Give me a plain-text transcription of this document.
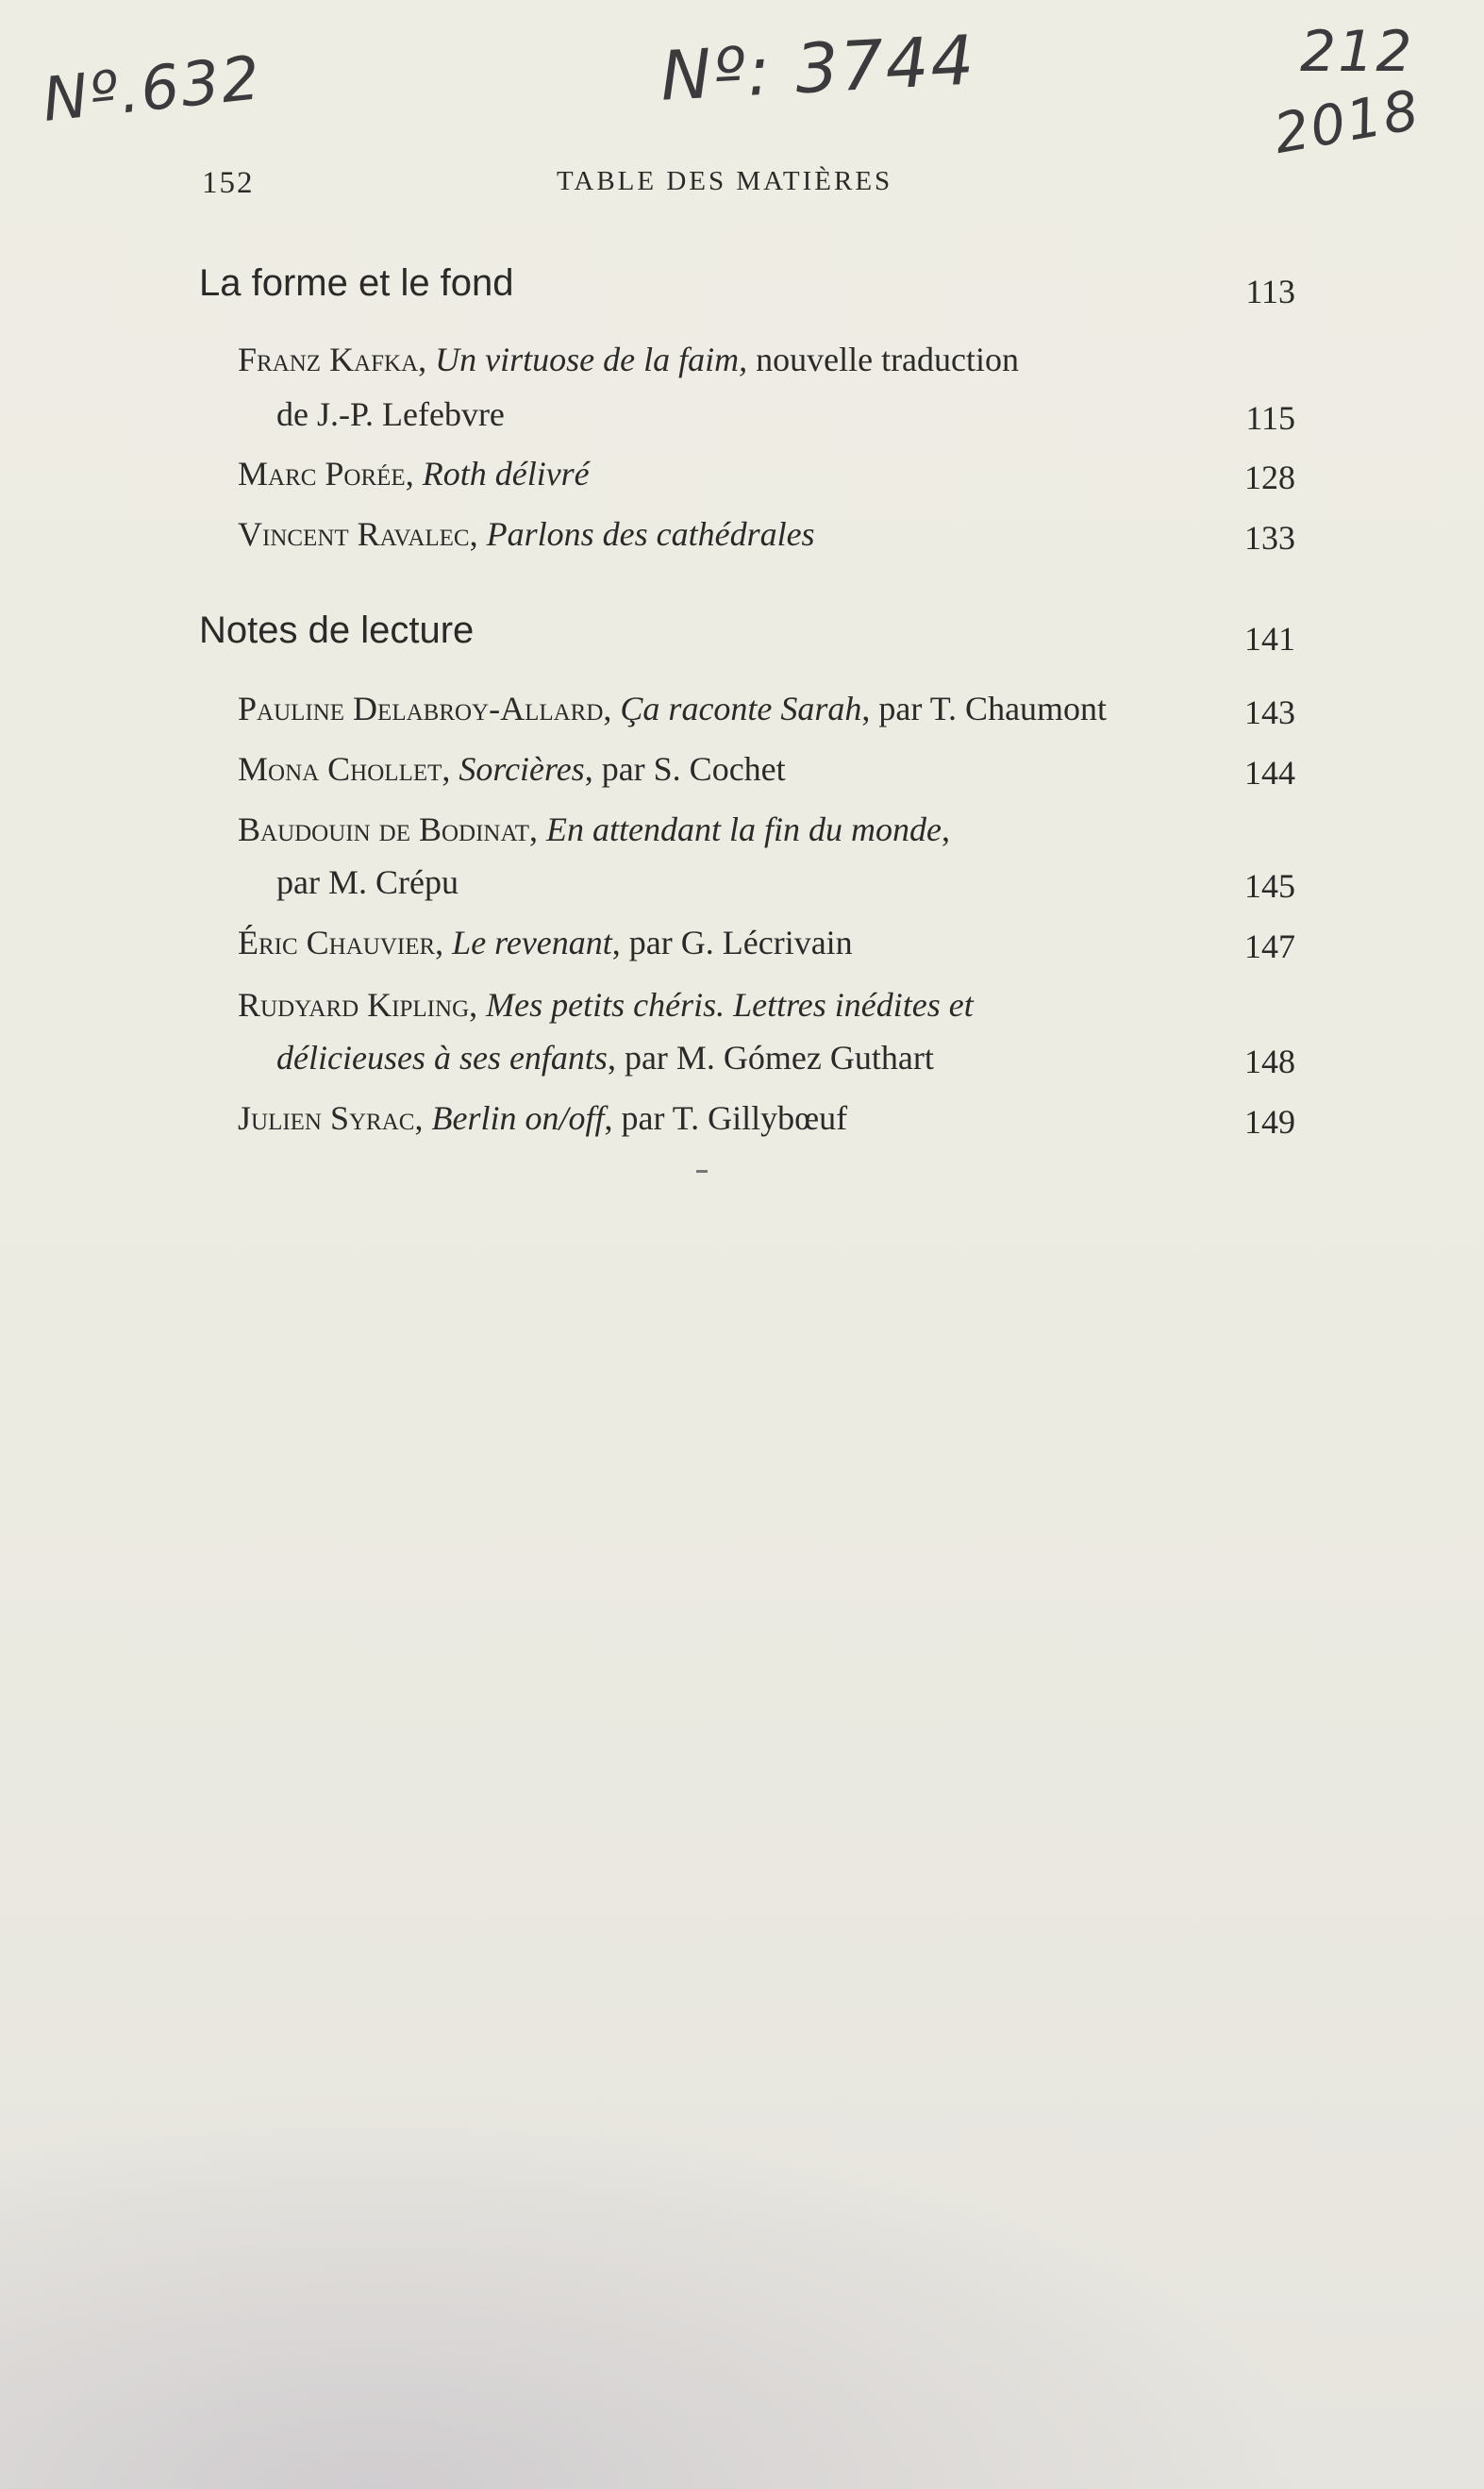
Nº.632	Nº: 3744	212
2018
152	TABLE DES MATIÈRES
La forme et le fond	113
Franz Kafka, Un virtuose de la faim, nouvelle traduction
de J.-P. Lefebvre	115
Marc Porée, Roth délivré	128
Vincent Ravalec, Parlons des cathédrales	133
Notes de lecture	141
Pauline Delabroy-Allard, Ça raconte Sarah, par T. Chaumont	143
Mona Chollet, Sorcières, par S. Cochet	144
Baudouin de Bodinat, En attendant la fin du monde,
par M. Crépu	145
Éric Chauvier, Le revenant, par G. Lécrivain	147
Rudyard Kipling, Mes petits chéris. Lettres inédites et
délicieuses à ses enfants, par M. Gómez Guthart	148
Julien Syrac, Berlin on/off, par T. Gillybœuf	149
